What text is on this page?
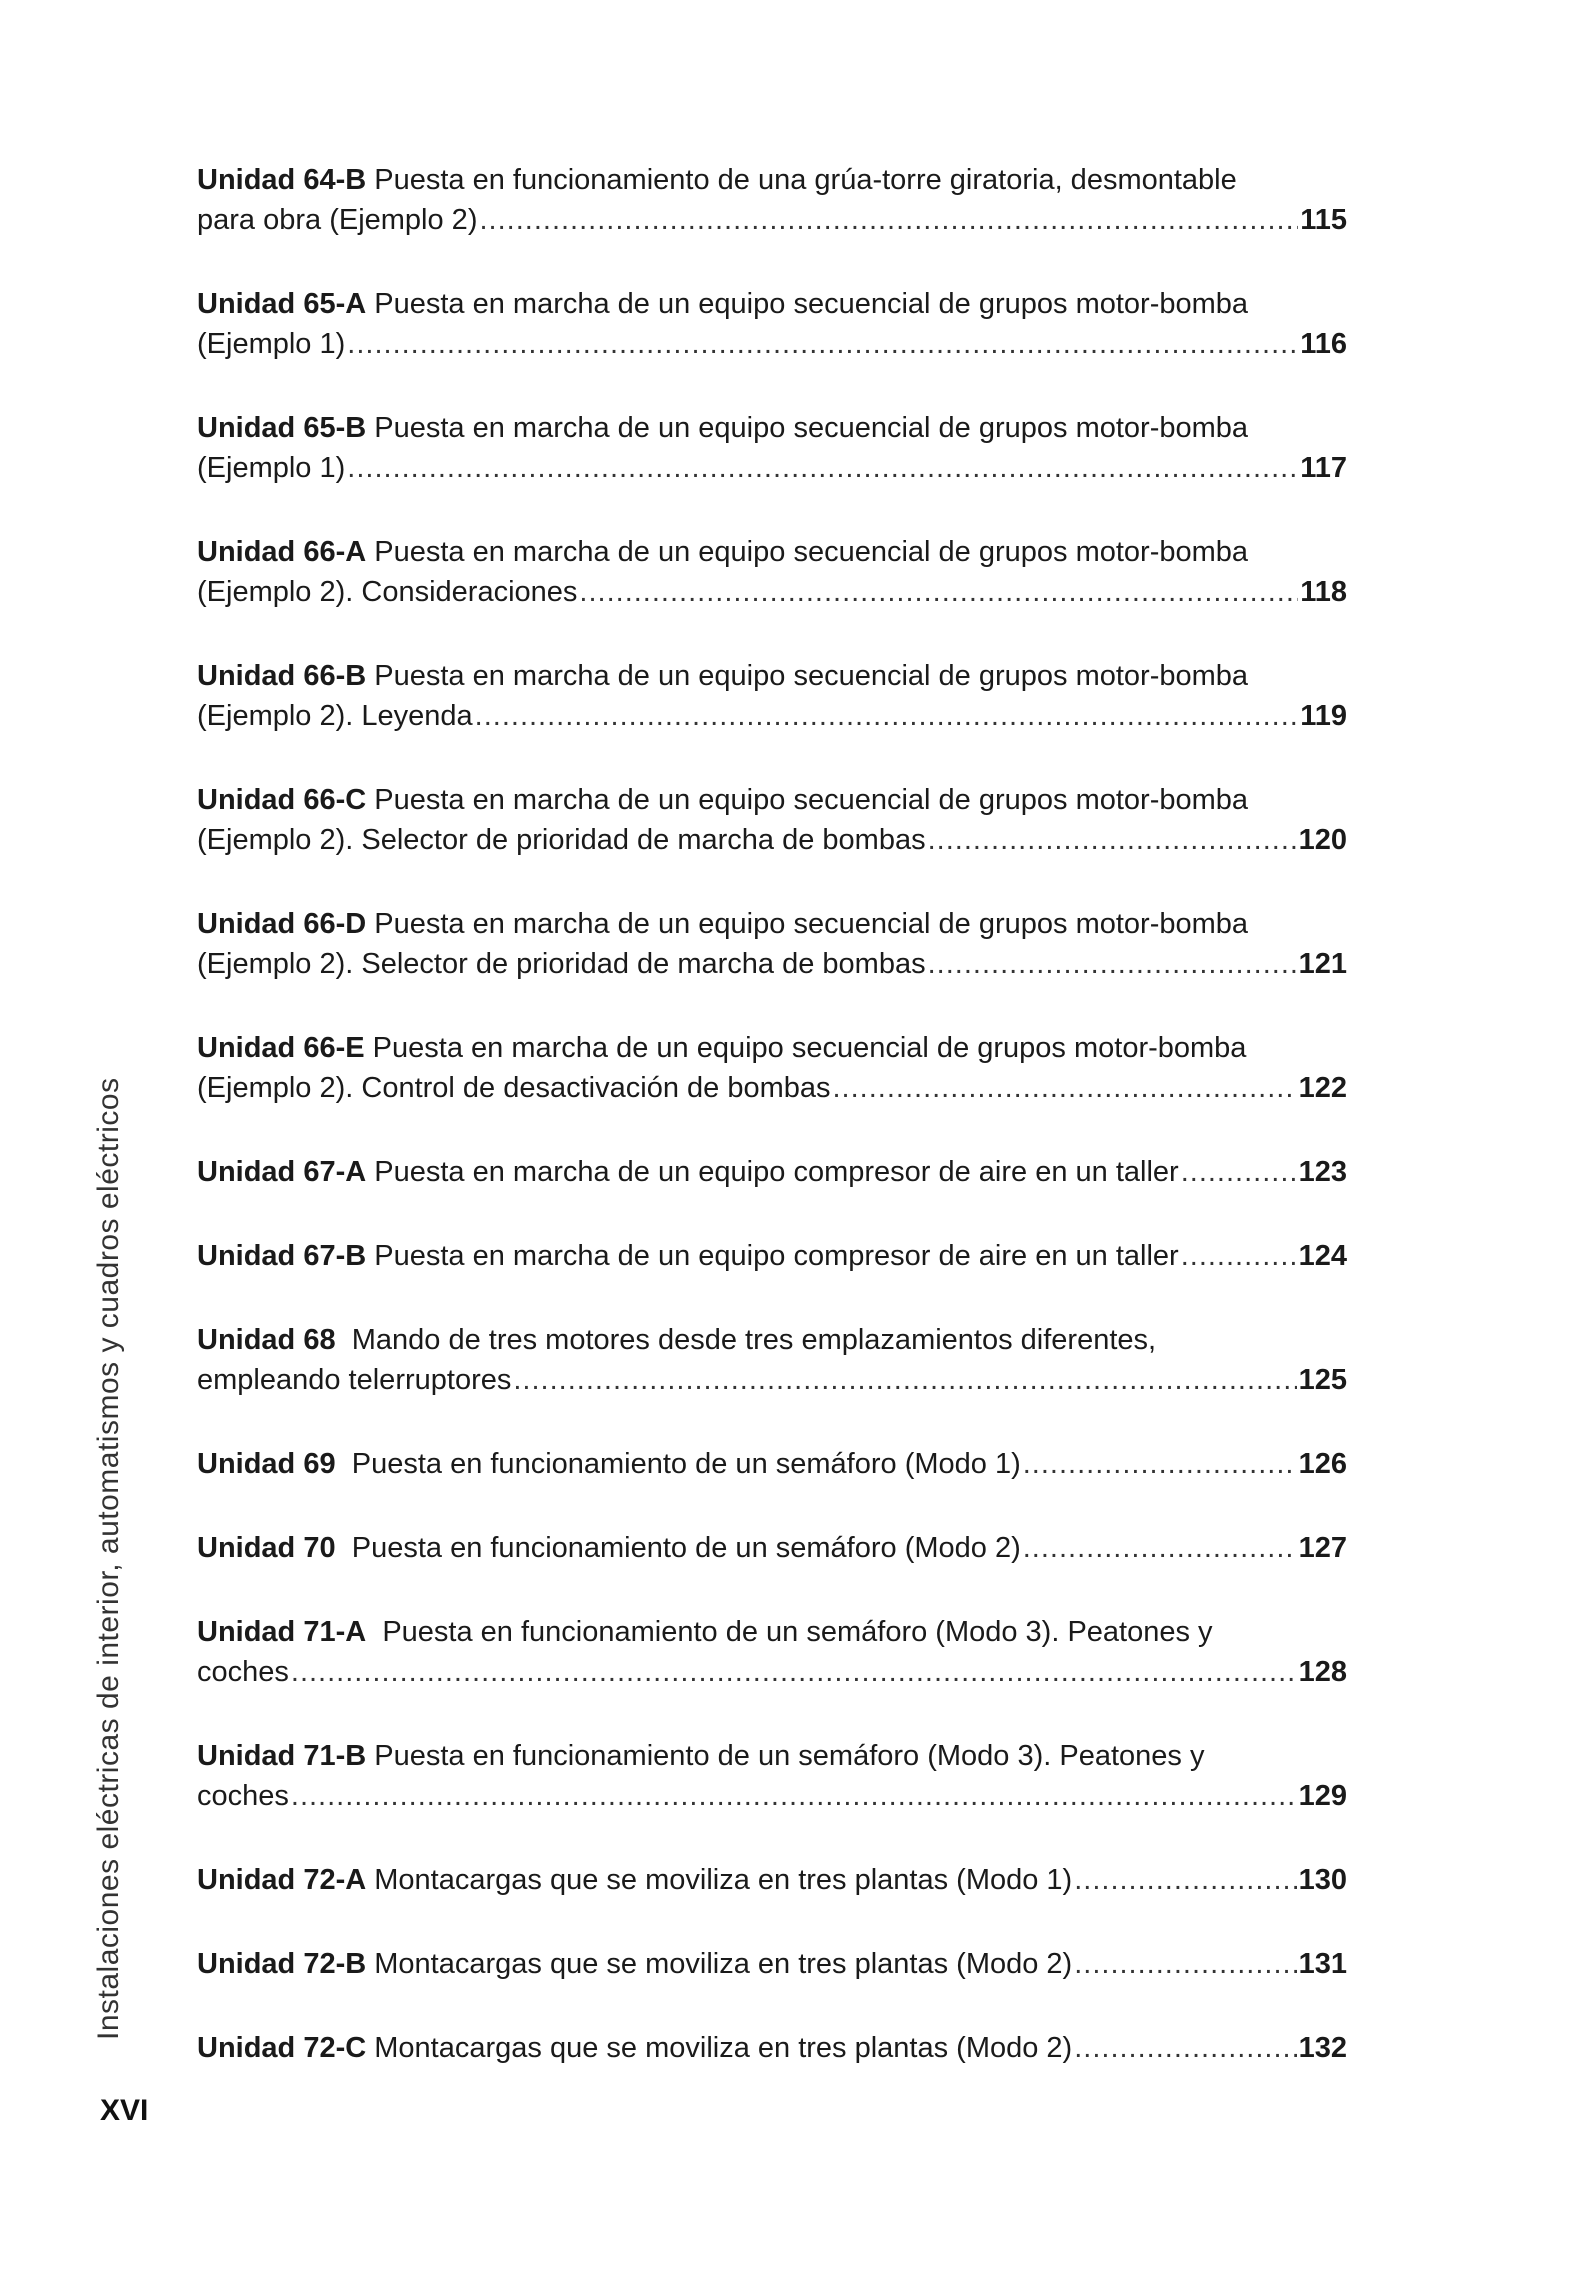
Instalaciones eléctricas de interior, automatismos y cuadros eléctricos
XVI
Unidad 64-B Puesta en funcionamiento de una grúa-torre giratoria, desmontable
para obra (Ejemplo 2) .....	115
Unidad 65-A Puesta en marcha de un equipo secuencial de grupos motor-bomba
(Ejemplo 1) .....	116
Unidad 65-B Puesta en marcha de un equipo secuencial de grupos motor-bomba
(Ejemplo 1) .....	117
Unidad 66-A Puesta en marcha de un equipo secuencial de grupos motor-bomba
(Ejemplo 2). Consideraciones .....	118
Unidad 66-B Puesta en marcha de un equipo secuencial de grupos motor-bomba
(Ejemplo 2). Leyenda .....	119
Unidad 66-C Puesta en marcha de un equipo secuencial de grupos motor-bomba
(Ejemplo 2). Selector de prioridad de marcha de bombas .....	120
Unidad 66-D Puesta en marcha de un equipo secuencial de grupos motor-bomba
(Ejemplo 2). Selector de prioridad de marcha de bombas .....	121
Unidad 66-E Puesta en marcha de un equipo secuencial de grupos motor-bomba
(Ejemplo 2). Control de desactivación de bombas .....	122
Unidad 67-A Puesta en marcha de un equipo compresor de aire en un taller .....	123
Unidad 67-B Puesta en marcha de un equipo compresor de aire en un taller .....	124
Unidad 68  Mando de tres motores desde tres emplazamientos diferentes,
empleando telerruptores .....	125
Unidad 69 Puesta en funcionamiento de un semáforo (Modo 1) .....	126
Unidad 70 Puesta en funcionamiento de un semáforo (Modo 2) .....	127
Unidad 71-A  Puesta en funcionamiento de un semáforo (Modo 3). Peatones y
coches .....	128
Unidad 71-B Puesta en funcionamiento de un semáforo (Modo 3). Peatones y
coches .....	129
Unidad 72-A Montacargas que se moviliza en tres plantas (Modo 1) .....	130
Unidad 72-B Montacargas que se moviliza en tres plantas (Modo 2) .....	131
Unidad 72-C Montacargas que se moviliza en tres plantas (Modo 2) .....	132
